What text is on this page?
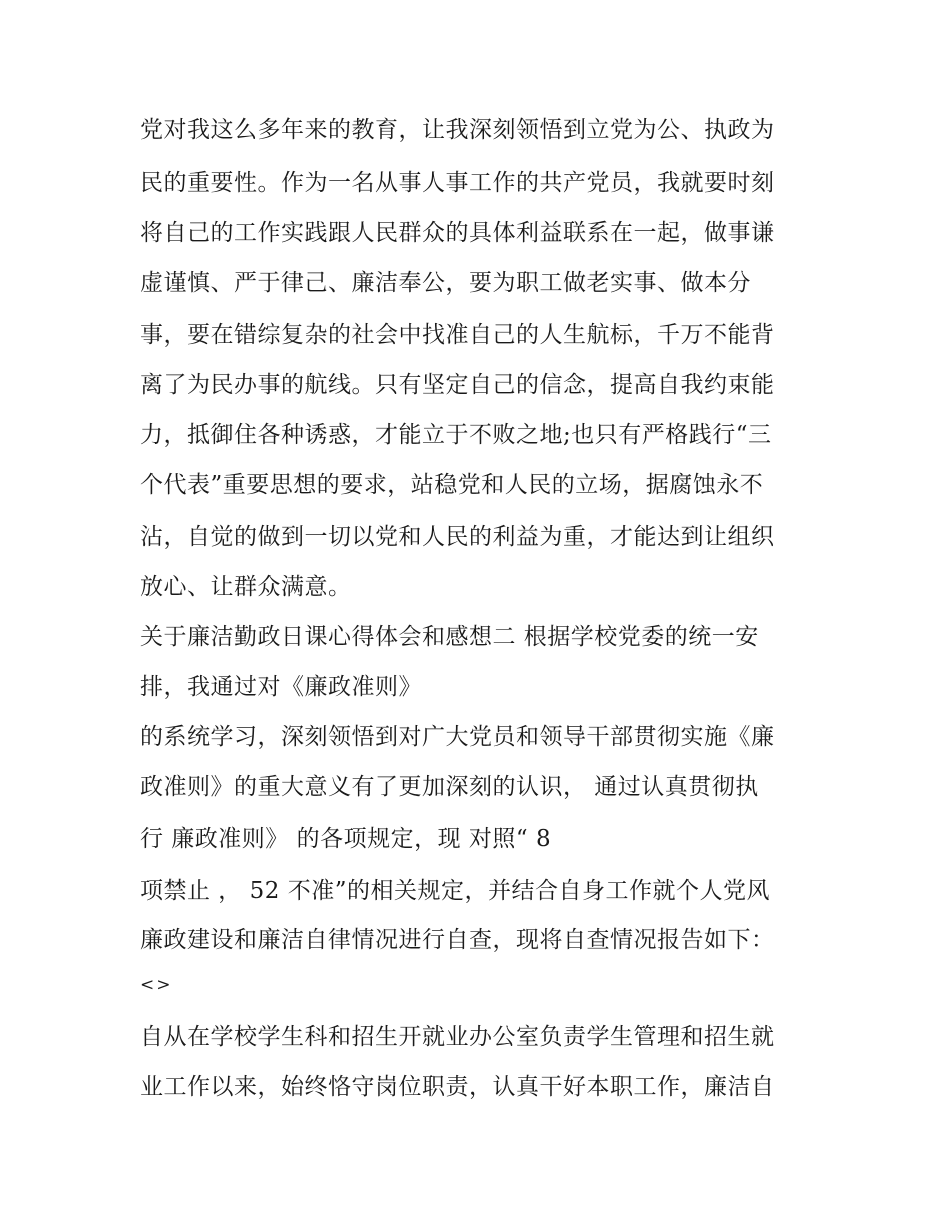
党对我这么多年来的教育，让我深刻领悟到立党为公、执政为
民的重要性。作为一名从事人事工作的共产党员，我就要时刻
将自己的工作实践跟人民群众的具体利益联系在一起，做事谦
虚谨慎、严于律己、廉洁奉公，要为职工做老实事、做本分
事，要在错综复杂的社会中找准自己的人生航标，千万不能背
离了为民办事的航线。只有坚定自己的信念，提高自我约束能
力，抵御住各种诱惑，才能立于不败之地;也只有严格践行“三
个代表”重要思想的要求，站稳党和人民的立场，据腐蚀永不
沾，自觉的做到一切以党和人民的利益为重，才能达到让组织
放心、让群众满意。
关于廉洁勤政日课心得体会和感想二 根据学校党委的统一安
排，我通过对《廉政准则》
的系统学习，深刻领悟到对广大党员和领导干部贯彻实施《廉
政准则》的重大意义有了更加深刻的认识， 通过认真贯彻执
行 廉政准则》 的各项规定，现 对照“ 8
项禁止 ， 52 不准”的相关规定，并结合自身工作就个人党风
廉政建设和廉洁自律情况进行自查，现将自查情况报告如下：
<>
自从在学校学生科和招生开就业办公室负责学生管理和招生就
业工作以来，始终恪守岗位职责，认真干好本职工作，廉洁自
